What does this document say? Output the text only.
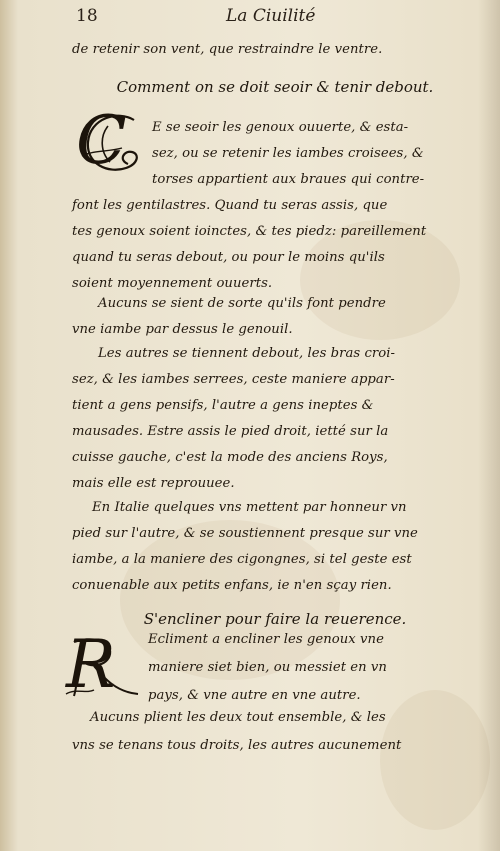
18	La Ciuilité
de retenir son vent, que restraindre le ventre.
Comment on se doit seoir & tenir debout.
C E se seoir les genoux ouuerte, & esta-
sez, ou se retenir les iambes croisees, &
torses appartient aux braues qui contre-
font les gentilastres. Quand tu seras assis, que
tes genoux soient ioinctes, & tes piedz: pareillement
quand tu seras debout, ou pour le moins qu'ils
soient moyennement ouuerts.
Aucuns se sient de sorte qu'ils font pendre
vne iambe par dessus le genouil.
Les autres se tiennent debout, les bras croi-
sez, & les iambes serrees, ceste maniere appar-
tient a gens pensifs, l'autre a gens ineptes &
mausades. Estre assis le pied droit, ietté sur la
cuisse gauche, c'est la mode des anciens Roys,
mais elle est reprouuee.
En Italie quelques vns mettent par honneur vn
pied sur l'autre, & se soustiennent presque sur vne
iambe, a la maniere des cigongnes, si tel geste est
conuenable aux petits enfans, ie n'en sçay rien.
S'encliner pour faire la reuerence.
R Ecliment a encliner les genoux vne
maniere siet bien, ou messiet en vn
pays, & vne autre en vne autre.
Aucuns plient les deux tout ensemble, & les
vns se tenans tous droits, les autres aucunement
